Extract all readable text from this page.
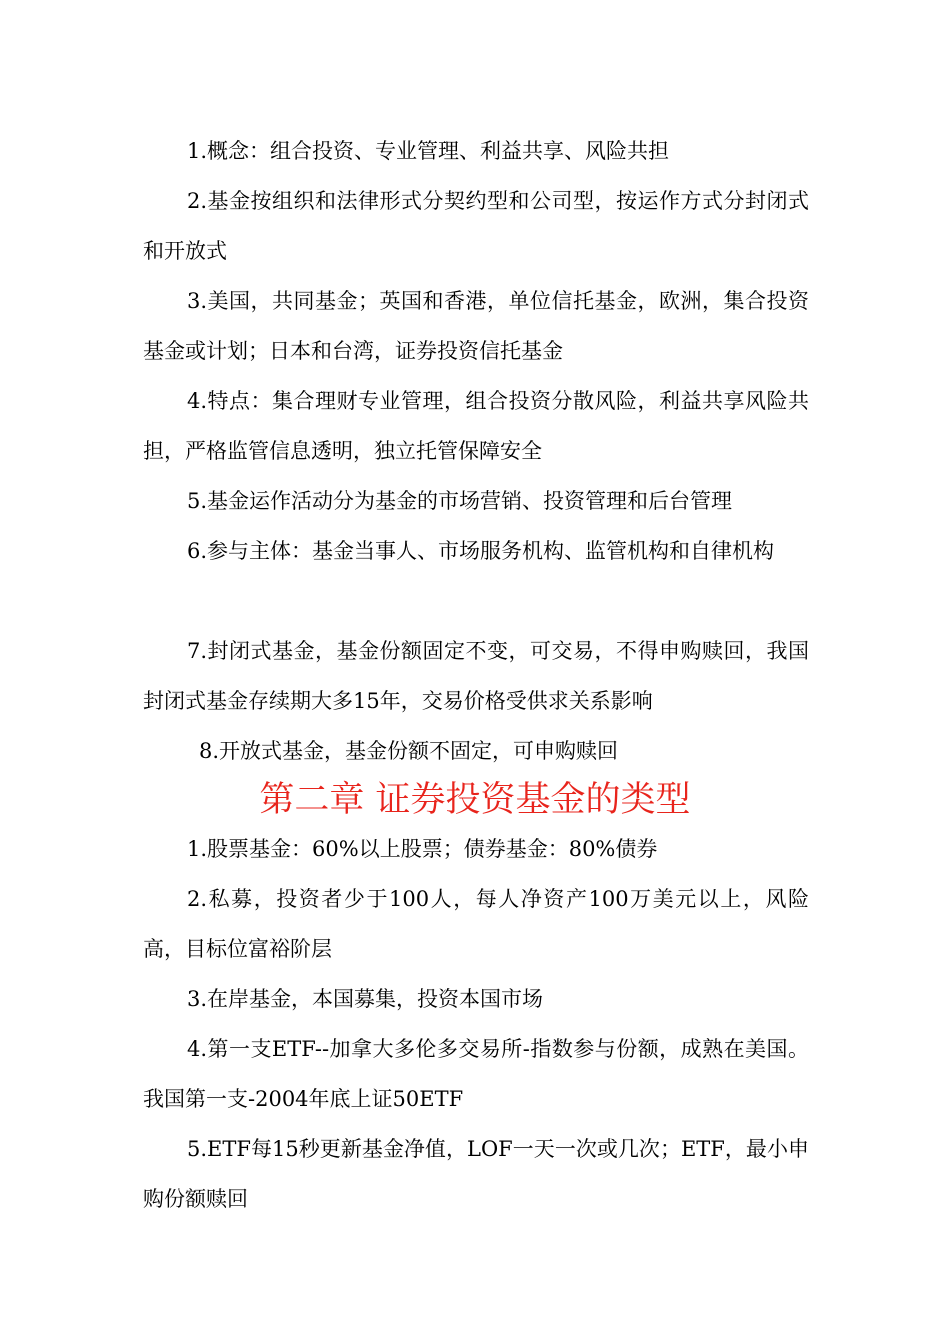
1.概念：组合投资、专业管理、利益共享、风险共担

2.基金按组织和法律形式分契约型和公司型，按运作方式分封闭式和开放式

3.美国，共同基金；英国和香港，单位信托基金，欧洲，集合投资基金或计划；日本和台湾，证券投资信托基金

4.特点：集合理财专业管理，组合投资分散风险，利益共享风险共担，严格监管信息透明，独立托管保障安全

5.基金运作活动分为基金的市场营销、投资管理和后台管理

6.参与主体：基金当事人、市场服务机构、监管机构和自律机构

7.封闭式基金，基金份额固定不变，可交易，不得申购赎回，我国封闭式基金存续期大多15年，交易价格受供求关系影响

8.开放式基金，基金份额不固定，可申购赎回

第二章 证券投资基金的类型

1.股票基金：60%以上股票；债券基金：80%债券

2.私募，投资者少于100人，每人净资产100万美元以上，风险高，目标位富裕阶层

3.在岸基金，本国募集，投资本国市场

4.第一支ETF--加拿大多伦多交易所-指数参与份额，成熟在美国。我国第一支-2004年底上证50ETF

5.ETF每15秒更新基金净值，LOF一天一次或几次；ETF，最小申购份额赎回
